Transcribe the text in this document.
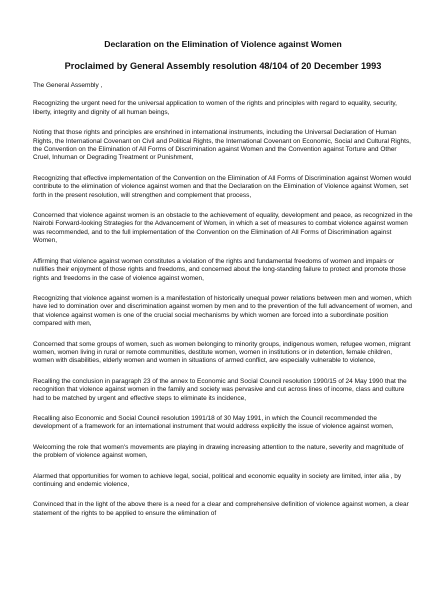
Declaration on the Elimination of Violence against Women
Proclaimed by General Assembly resolution 48/104 of 20 December 1993
The General Assembly ,

Recognizing the urgent need for the universal application to women of the rights and principles with regard to equality, security, liberty, integrity and dignity of all human beings,

Noting that those rights and principles are enshrined in international instruments, including the Universal Declaration of Human Rights, the International Covenant on Civil and Political Rights, the International Covenant on Economic, Social and Cultural Rights, the Convention on the Elimination of All Forms of Discrimination against Women and the Convention against Torture and Other Cruel, Inhuman or Degrading Treatment or Punishment,

Recognizing that effective implementation of the Convention on the Elimination of All Forms of Discrimination against Women would contribute to the elimination of violence against women and that the Declaration on the Elimination of Violence against Women, set forth in the present resolution, will strengthen and complement that process,

Concerned that violence against women is an obstacle to the achievement of equality, development and peace, as recognized in the Nairobi Forward-looking Strategies for the Advancement of Women, in which a set of measures to combat violence against women was recommended, and to the full implementation of the Convention on the Elimination of All Forms of Discrimination against Women,

Affirming that violence against women constitutes a violation of the rights and fundamental freedoms of women and impairs or nullifies their enjoyment of those rights and freedoms, and concerned about the long-standing failure to protect and promote those rights and freedoms in the case of violence against women,

Recognizing that violence against women is a manifestation of historically unequal power relations between men and women, which have led to domination over and discrimination against women by men and to the prevention of the full advancement of women, and that violence against women is one of the crucial social mechanisms by which women are forced into a subordinate position compared with men,

Concerned that some groups of women, such as women belonging to minority groups, indigenous women, refugee women, migrant women, women living in rural or remote communities, destitute women, women in institutions or in detention, female children, women with disabilities, elderly women and women in situations of armed conflict, are especially vulnerable to violence,

Recalling the conclusion in paragraph 23 of the annex to Economic and Social Council resolution 1990/15 of 24 May 1990 that the recognition that violence against women in the family and society was pervasive and cut across lines of income, class and culture had to be matched by urgent and effective steps to eliminate its incidence,

Recalling also Economic and Social Council resolution 1991/18 of 30 May 1991, in which the Council recommended the development of a framework for an international instrument that would address explicitly the issue of violence against women,

Welcoming the role that women's movements are playing in drawing increasing attention to the nature, severity and magnitude of the problem of violence against women,

Alarmed that opportunities for women to achieve legal, social, political and economic equality in society are limited, inter alia , by continuing and endemic violence,

Convinced that in the light of the above there is a need for a clear and comprehensive definition of violence against women, a clear statement of the rights to be applied to ensure the elimination of
